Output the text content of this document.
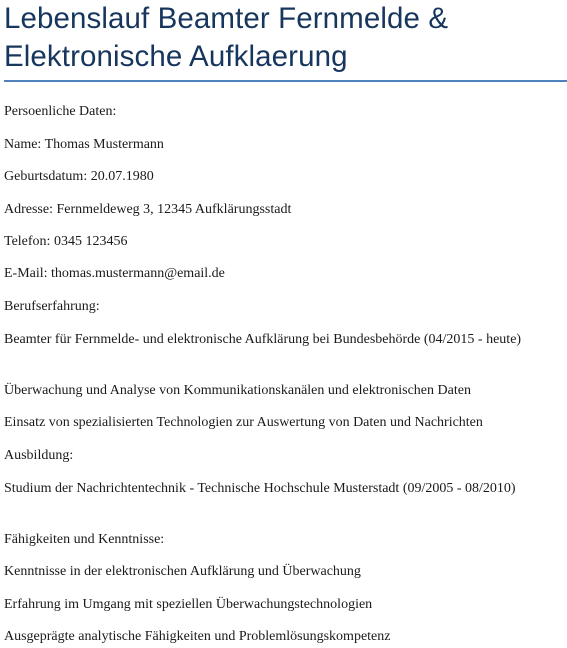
Lebenslauf Beamter Fernmelde & Elektronische Aufklaerung

Persoenliche Daten:

Name: Thomas Mustermann

Geburtsdatum: 20.07.1980

Adresse: Fernmeldeweg 3, 12345 Aufklärungsstadt

Telefon: 0345 123456

E-Mail: thomas.mustermann@email.de

Berufserfahrung:

Beamter für Fernmelde- und elektronische Aufklärung bei Bundesbehörde (04/2015 - heute)

Überwachung und Analyse von Kommunikationskanälen und elektronischen Daten

Einsatz von spezialisierten Technologien zur Auswertung von Daten und Nachrichten

Ausbildung:

Studium der Nachrichtentechnik - Technische Hochschule Musterstadt (09/2005 - 08/2010)

Fähigkeiten und Kenntnisse:

Kenntnisse in der elektronischen Aufklärung und Überwachung

Erfahrung im Umgang mit speziellen Überwachungstechnologien

Ausgeprägte analytische Fähigkeiten und Problemlösungskompetenz
